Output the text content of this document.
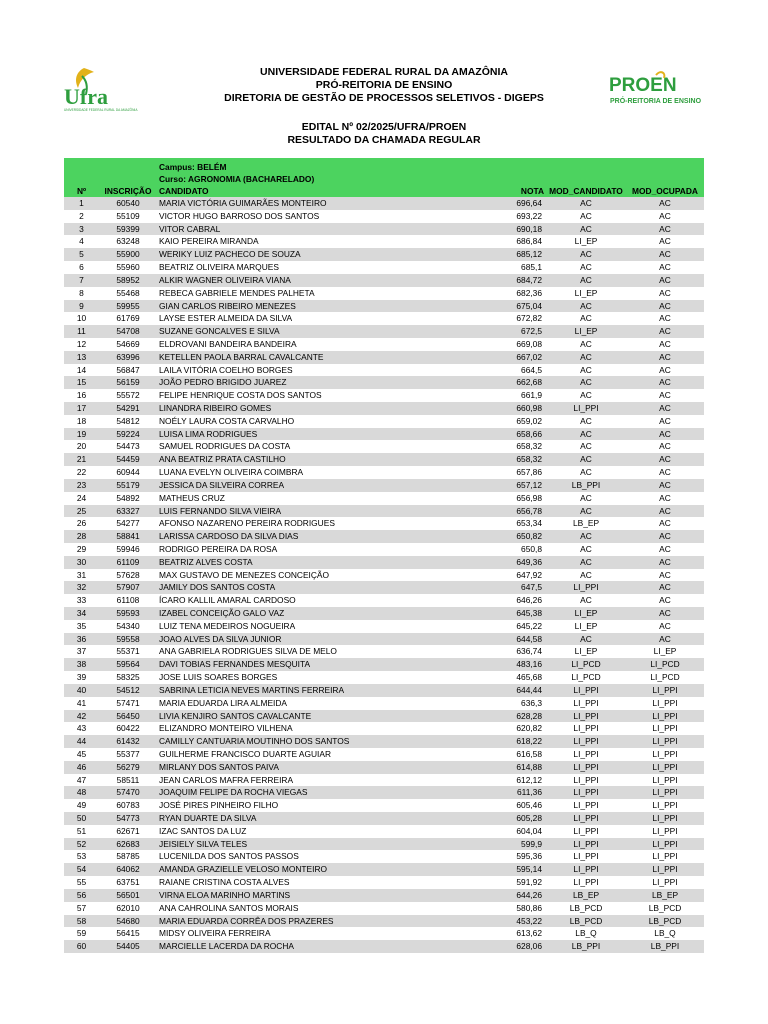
Ufra
UNIVERSIDADE FEDERAL RURAL DA AMAZÔNIA
PROEN
PRÓ-REITORIA DE ENSINO
UNIVERSIDADE FEDERAL RURAL DA AMAZÔNIA
PRÓ-REITORIA DE ENSINO
DIRETORIA DE GESTÃO DE PROCESSOS SELETIVOS - DIGEPS
EDITAL Nº 02/2025/UFRA/PROEN
RESULTADO DA CHAMADA REGULAR
Nº	INSCRIÇÃO	Campus: BELÉM
Curso: AGRONOMIA (BACHARELADO)
CANDIDATO	NOTA	MOD_CANDIDATO	MOD_OCUPADA
1	60540	MARIA VICTÓRIA GUIMARÃES MONTEIRO	696,64	AC	AC
2	55109	VICTOR HUGO BARROSO DOS SANTOS	693,22	AC	AC
3	59399	VITOR CABRAL	690,18	AC	AC
4	63248	KAIO PEREIRA MIRANDA	686,84	LI_EP	AC
5	55900	WERIKY LUIZ PACHECO DE SOUZA	685,12	AC	AC
6	55960	BEATRIZ OLIVEIRA MARQUES	685,1	AC	AC
7	58952	ALKIR WAGNER OLIVEIRA VIANA	684,72	AC	AC
8	55468	REBECA GABRIELE MENDES PALHETA	682,36	LI_EP	AC
9	59955	GIAN CARLOS RIBEIRO MENEZES	675,04	AC	AC
10	61769	LAYSE ESTER ALMEIDA DA SILVA	672,82	AC	AC
11	54708	SUZANE GONCALVES E SILVA	672,5	LI_EP	AC
12	54669	ELDROVANI BANDEIRA BANDEIRA	669,08	AC	AC
13	63996	KETELLEN PAOLA BARRAL CAVALCANTE	667,02	AC	AC
14	56847	LAILA VITÓRIA COELHO BORGES	664,5	AC	AC
15	56159	JOÃO PEDRO BRIGIDO JUAREZ	662,68	AC	AC
16	55572	FELIPE HENRIQUE COSTA DOS SANTOS	661,9	AC	AC
17	54291	LINANDRA RIBEIRO GOMES	660,98	LI_PPI	AC
18	54812	NOÉLY LAURA COSTA CARVALHO	659,02	AC	AC
19	59224	LUISA LIMA RODRIGUES	658,66	AC	AC
20	54473	SAMUEL RODRIGUES DA COSTA	658,32	AC	AC
21	54459	ANA BEATRIZ PRATA CASTILHO	658,32	AC	AC
22	60944	LUANA EVELYN OLIVEIRA COIMBRA	657,86	AC	AC
23	55179	JESSICA DA SILVEIRA CORREA	657,12	LB_PPI	AC
24	54892	MATHEUS CRUZ	656,98	AC	AC
25	63327	LUIS FERNANDO SILVA VIEIRA	656,78	AC	AC
26	54277	AFONSO NAZARENO PEREIRA RODRIGUES	653,34	LB_EP	AC
28	58841	LARISSA CARDOSO DA SILVA DIAS	650,82	AC	AC
29	59946	RODRIGO PEREIRA DA ROSA	650,8	AC	AC
30	61109	BEATRIZ ALVES COSTA	649,36	AC	AC
31	57628	MAX GUSTAVO DE MENEZES CONCEIÇÃO	647,92	AC	AC
32	57907	JAMILY DOS SANTOS COSTA	647,5	LI_PPI	AC
33	61108	ÍCARO KALLIL AMARAL CARDOSO	646,26	AC	AC
34	59593	IZABEL CONCEIÇÃO GALO VAZ	645,38	LI_EP	AC
35	54340	LUIZ TENA MEDEIROS NOGUEIRA	645,22	LI_EP	AC
36	59558	JOAO ALVES DA SILVA JUNIOR	644,58	AC	AC
37	55371	ANA GABRIELA RODRIGUES SILVA DE MELO	636,74	LI_EP	LI_EP
38	59564	DAVI TOBIAS FERNANDES MESQUITA	483,16	LI_PCD	LI_PCD
39	58325	JOSE LUIS SOARES BORGES	465,68	LI_PCD	LI_PCD
40	54512	SABRINA LETICIA NEVES MARTINS FERREIRA	644,44	LI_PPI	LI_PPI
41	57471	MARIA EDUARDA LIRA ALMEIDA	636,3	LI_PPI	LI_PPI
42	56450	LIVIA KENJIRO SANTOS CAVALCANTE	628,28	LI_PPI	LI_PPI
43	60422	ELIZANDRO MONTEIRO VILHENA	620,82	LI_PPI	LI_PPI
44	61432	CAMILLY CANTUARIA MOUTINHO DOS SANTOS	618,22	LI_PPI	LI_PPI
45	55377	GUILHERME FRANCISCO DUARTE AGUIAR	616,58	LI_PPI	LI_PPI
46	56279	MIRLANY DOS SANTOS PAIVA	614,88	LI_PPI	LI_PPI
47	58511	JEAN CARLOS MAFRA FERREIRA	612,12	LI_PPI	LI_PPI
48	57470	JOAQUIM FELIPE DA ROCHA VIEGAS	611,36	LI_PPI	LI_PPI
49	60783	JOSÉ PIRES PINHEIRO FILHO	605,46	LI_PPI	LI_PPI
50	54773	RYAN DUARTE DA SILVA	605,28	LI_PPI	LI_PPI
51	62671	IZAC SANTOS DA LUZ	604,04	LI_PPI	LI_PPI
52	62683	JEISIELY SILVA TELES	599,9	LI_PPI	LI_PPI
53	58785	LUCENILDA DOS SANTOS PASSOS	595,36	LI_PPI	LI_PPI
54	64062	AMANDA GRAZIELLE VELOSO MONTEIRO	595,14	LI_PPI	LI_PPI
55	63751	RAIANE CRISTINA COSTA ALVES	591,92	LI_PPI	LI_PPI
56	56501	VIRNA ELOA MARINHO MARTINS	644,26	LB_EP	LB_EP
57	62010	ANA CAHROLINA SANTOS MORAIS	580,86	LB_PCD	LB_PCD
58	54680	MARIA EDUARDA CORRÊA DOS PRAZERES	453,22	LB_PCD	LB_PCD
59	56415	MIDSY OLIVEIRA FERREIRA	613,62	LB_Q	LB_Q
60	54405	MARCIELLE LACERDA DA ROCHA	628,06	LB_PPI	LB_PPI
